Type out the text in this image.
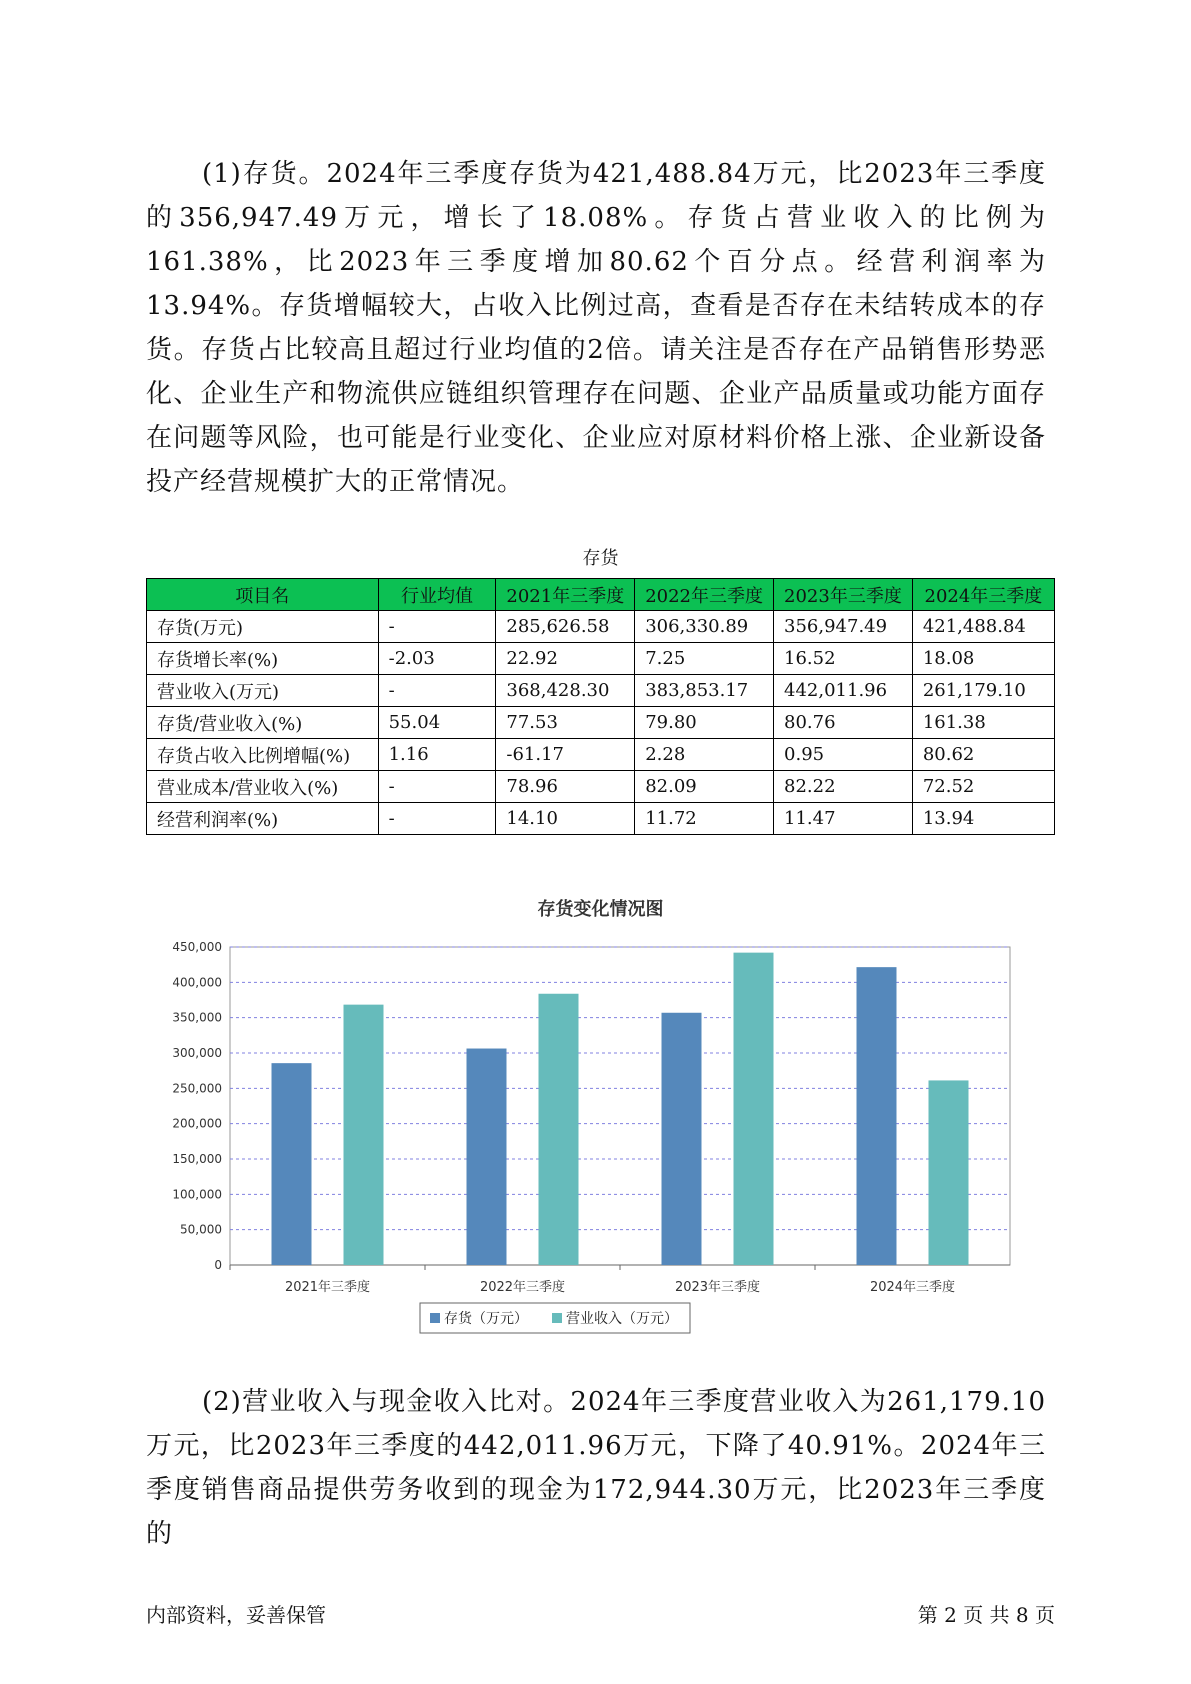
(1)存货。2024年三季度存货为421,488.84万元，比2023年三季度的356,947.49万元，增长了18.08%。存货占营业收入的比例为161.38%，比2023年三季度增加80.62个百分点。经营利润率为13.94%。存货增幅较大，占收入比例过高，查看是否存在未结转成本的存货。存货占比较高且超过行业均值的2倍。请关注是否存在产品销售形势恶化、企业生产和物流供应链组织管理存在问题、企业产品质量或功能方面存在问题等风险，也可能是行业变化、企业应对原材料价格上涨、企业新设备投产经营规模扩大的正常情况。

存货
项目名	行业均值	2021年三季度	2022年三季度	2023年三季度	2024年三季度
存货(万元)	-	285,626.58	306,330.89	356,947.49	421,488.84
存货增长率(%)	-2.03	22.92	7.25	16.52	18.08
营业收入(万元)	-	368,428.30	383,853.17	442,011.96	261,179.10
存货/营业收入(%)	55.04	77.53	79.80	80.76	161.38
存货占收入比例增幅(%)	1.16	-61.17	2.28	0.95	80.62
营业成本/营业收入(%)	-	78.96	82.09	82.22	72.52
经营利润率(%)	-	14.10	11.72	11.47	13.94
0
50,000
100,000
150,000
200,000
250,000
300,000
350,000
400,000
450,000
2021年三季度	2022年三季度	2023年三季度	2024年三季度
存货（万元）	营业收入（万元）
存货变化情况图

(2)营业收入与现金收入比对。2024年三季度营业收入为261,179.10万元，比2023年三季度的442,011.96万元，下降了40.91%。2024年三季度销售商品提供劳务收到的现金为172,944.30万元，比2023年三季度的

内部资料，妥善保管	第 2 页 共 8 页
